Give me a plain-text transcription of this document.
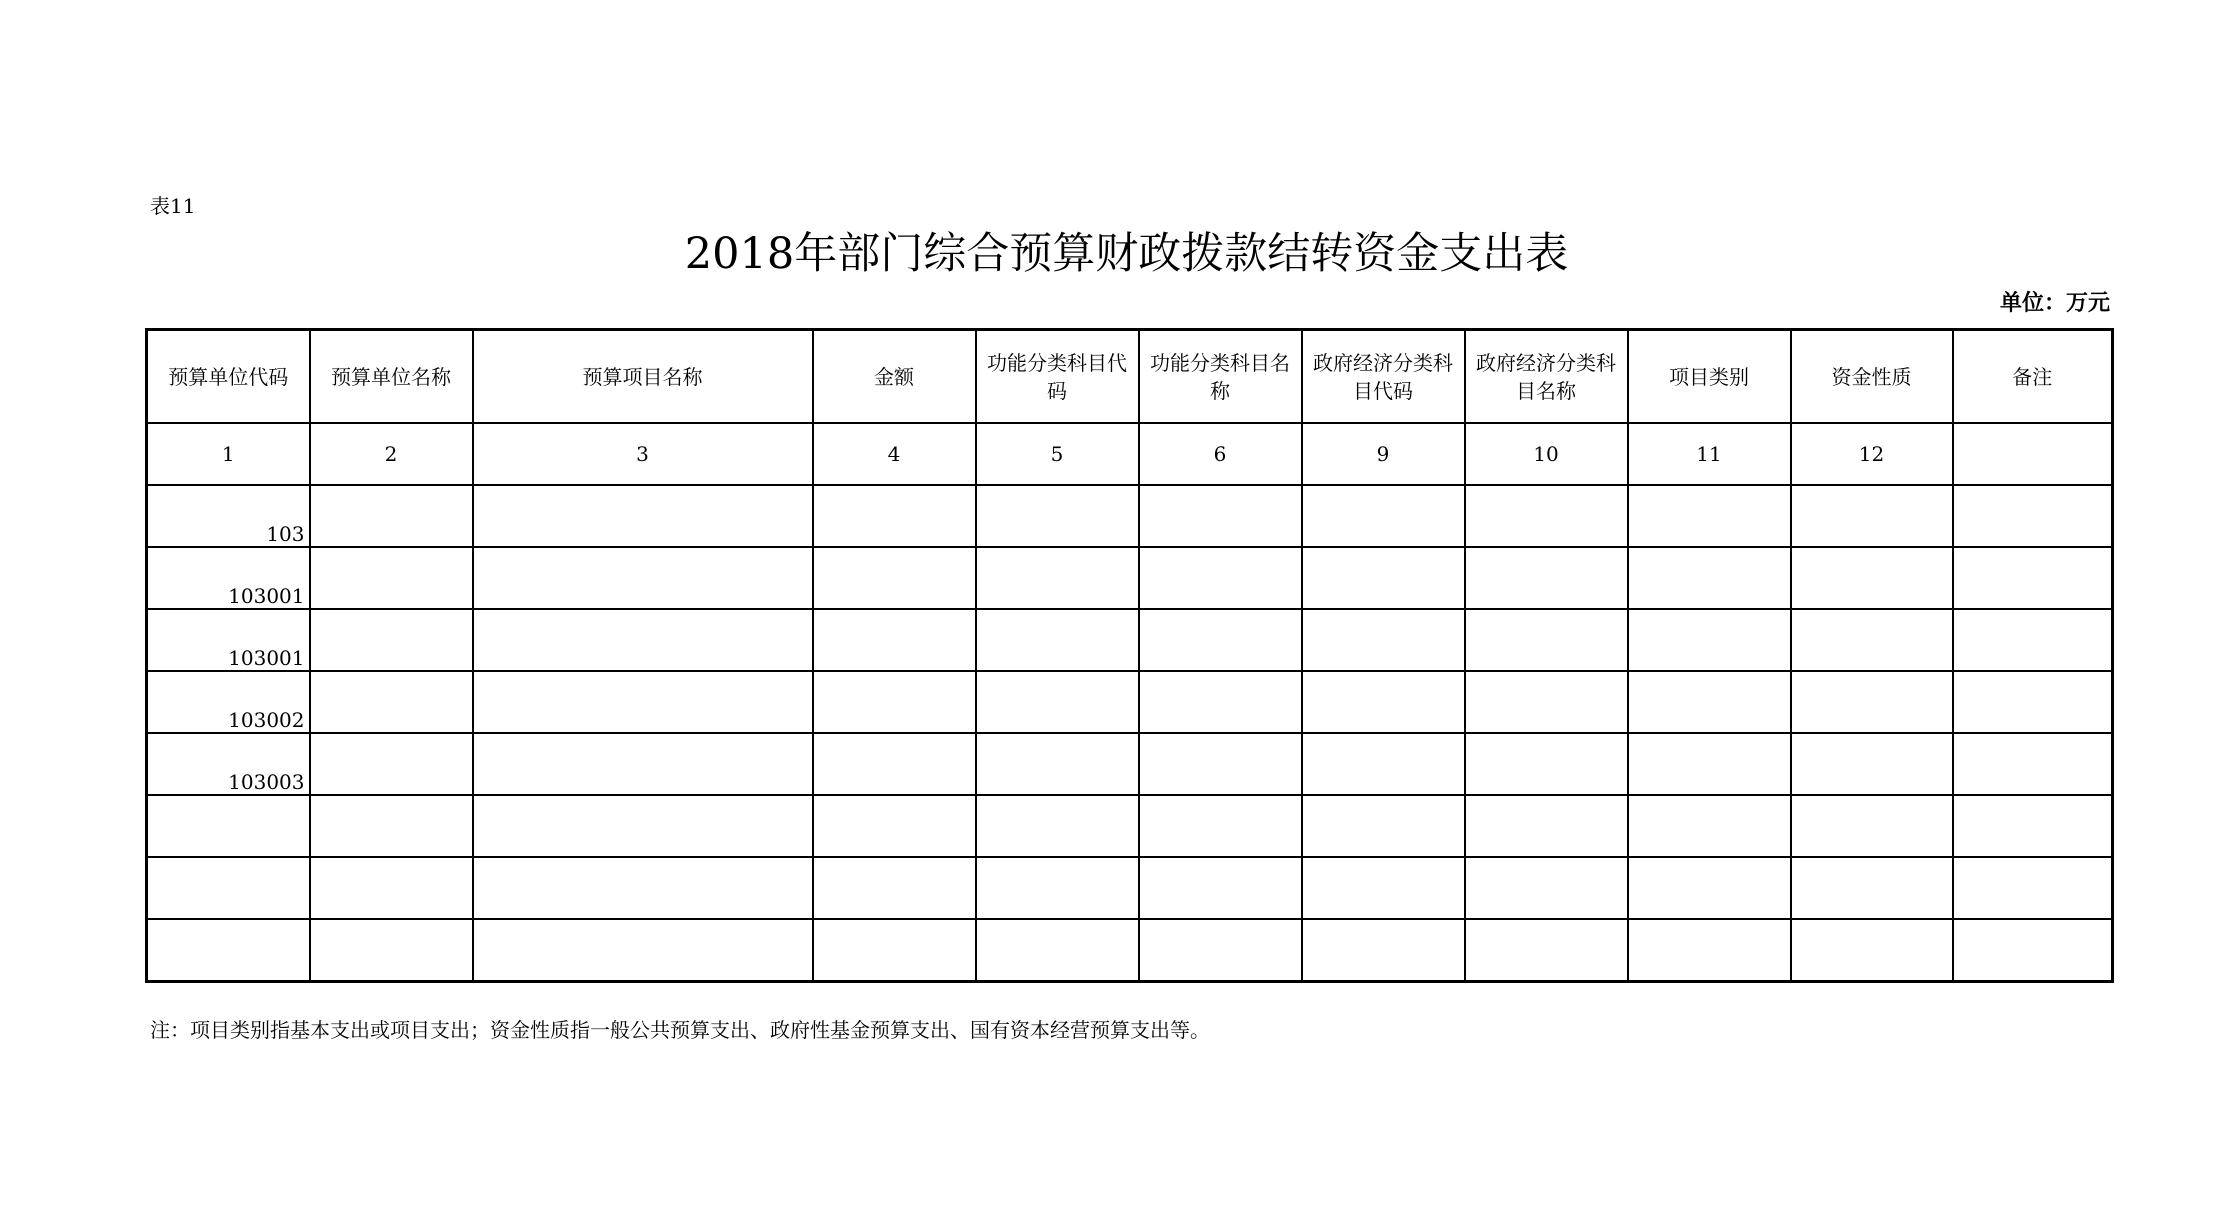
表11
2018年部门综合预算财政拨款结转资金支出表
单位：万元
预算单位代码	预算单位名称	预算项目名称	金额	功能分类科目代码	功能分类科目名称	政府经济分类科目代码	政府经济分类科目名称	项目类别	资金性质	备注
1	2	3	4	5	6	9	10	11	12	
103										
103001										
103001										
103002										
103003										

注：项目类别指基本支出或项目支出；资金性质指一般公共预算支出、政府性基金预算支出、国有资本经营预算支出等。
